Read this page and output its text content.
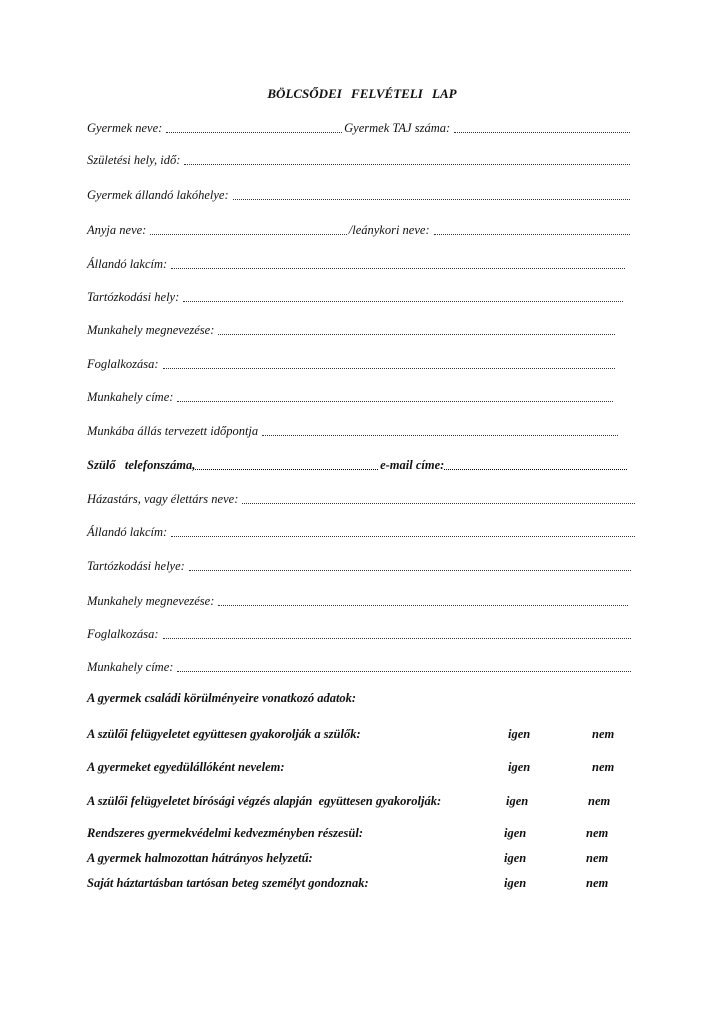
BÖLCSŐDEI FELVÉTELI LAP
Gyermek neve:	Gyermek TAJ száma:
Születési hely, idő:
Gyermek állandó lakóhelye:
Anyja neve:	/leánykori neve:
Állandó lakcím:
Tartózkodási hely:
Munkahely megnevezése:
Foglalkozása:
Munkahely címe:
Munkába állás tervezett időpontja
Szülő   telefonszáma,	e-mail címe:
Házastárs, vagy élettárs neve:
Állandó lakcím:
Tartózkodási helye:
Munkahely megnevezése:
Foglalkozása:
Munkahely címe:
A gyermek családi körülményeire vonatkozó adatok:
A szülői felügyeletet együttesen gyakorolják a szülők:	igen	nem
A gyermeket egyedülállóként nevelem:	igen	nem
A szülői felügyeletet bírósági végzés alapján  együttesen gyakorolják:	igen	nem
Rendszeres gyermekvédelmi kedvezményben részesül:	igen	nem
A gyermek halmozottan hátrányos helyzetű:	igen	nem
Saját háztartásban tartósan beteg személyt gondoznak:	igen	nem
